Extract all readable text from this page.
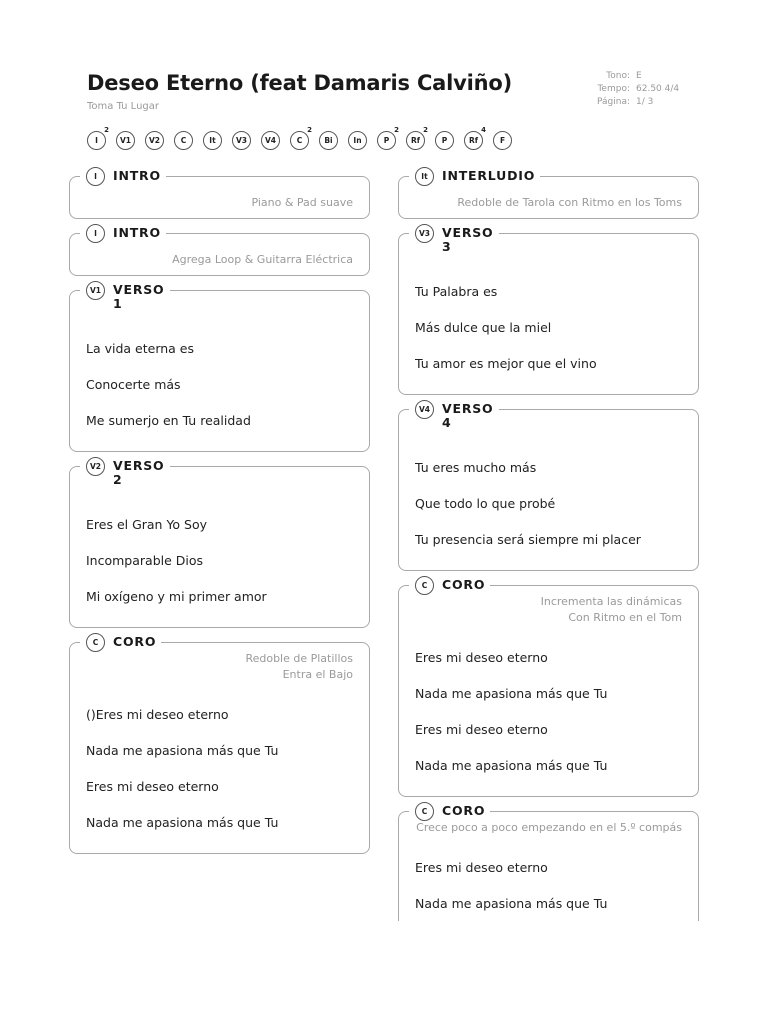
Deseo Eterno (feat Damaris Calviño)
Toma Tu Lugar
Tono: E
Tempo: 62.50 4/4
Página: 1/ 3
I
2
V1	V2	C	It	V3	V4	C
2
Bi	In	P
2
Rf
2
P	Rf
4
F
I	INTRO
Piano & Pad suave
I	INTRO
Agrega Loop & Guitarra Eléctrica
V1 VERSO 1
La vida eterna es
Conocerte más
Me sumerjo en Tu realidad
V2 VERSO 2
Eres el Gran Yo Soy
Incomparable Dios
Mi oxígeno y mi primer amor
C	CORO
Redoble de Platillos
Entra el Bajo
()Eres mi deseo eterno
Nada me apasiona más que Tu
Eres mi deseo eterno
Nada me apasiona más que Tu
It	INTERLUDIO
Redoble de Tarola con Ritmo en los Toms
V3 VERSO 3
Tu Palabra es
Más dulce que la miel
Tu amor es mejor que el vino
V4 VERSO 4
Tu eres mucho más
Que todo lo que probé
Tu presencia será siempre mi placer
C	CORO
Incrementa las dinámicas
Con Ritmo en el Tom
Eres mi deseo eterno
Nada me apasiona más que Tu
Eres mi deseo eterno
Nada me apasiona más que Tu
C	CORO
Crece poco a poco empezando en el 5.º compás
Eres mi deseo eterno
Nada me apasiona más que Tu
